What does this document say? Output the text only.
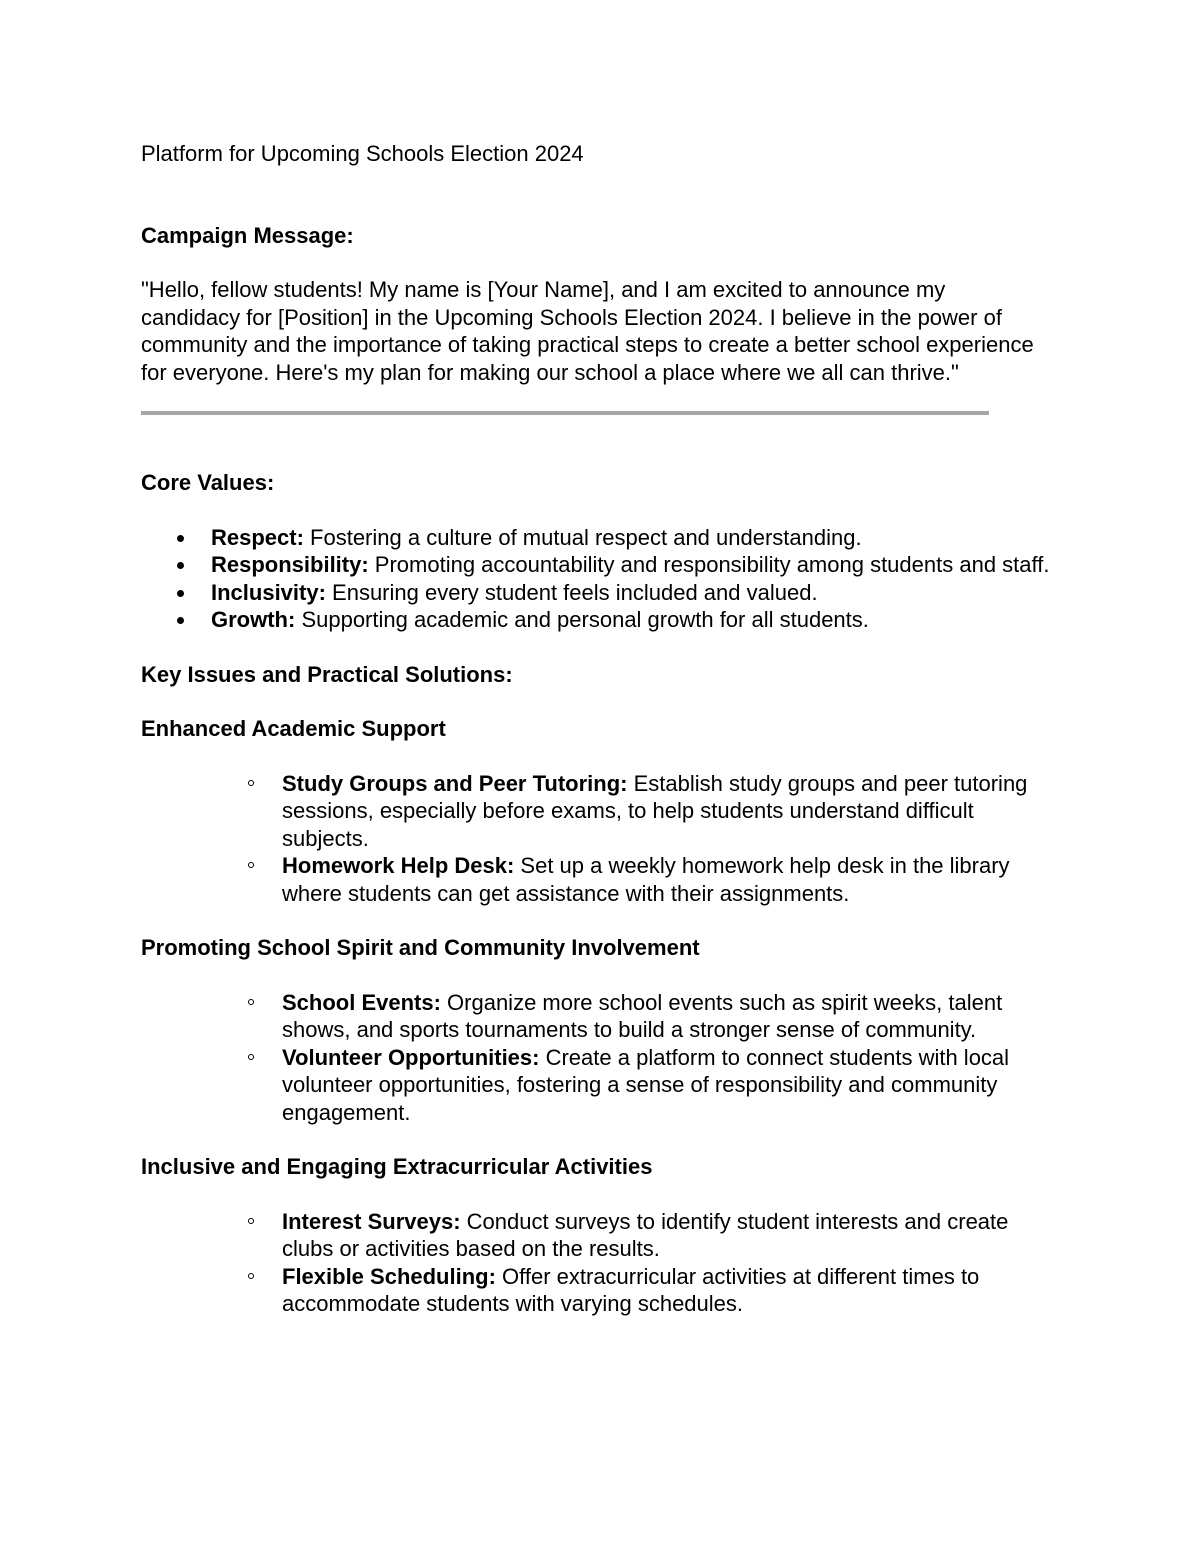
Platform for Upcoming Schools Election 2024

Campaign Message:

"Hello, fellow students! My name is [Your Name], and I am excited to announce my candidacy for [Position] in the Upcoming Schools Election 2024. I believe in the power of community and the importance of taking practical steps to create a better school experience for everyone. Here's my plan for making our school a place where we all can thrive."

Core Values:

Respect: Fostering a culture of mutual respect and understanding.
Responsibility: Promoting accountability and responsibility among students and staff.
Inclusivity: Ensuring every student feels included and valued.
Growth: Supporting academic and personal growth for all students.

Key Issues and Practical Solutions:

Enhanced Academic Support

Study Groups and Peer Tutoring: Establish study groups and peer tutoring sessions, especially before exams, to help students understand difficult subjects.
Homework Help Desk: Set up a weekly homework help desk in the library where students can get assistance with their assignments.

Promoting School Spirit and Community Involvement

School Events: Organize more school events such as spirit weeks, talent shows, and sports tournaments to build a stronger sense of community.
Volunteer Opportunities: Create a platform to connect students with local volunteer opportunities, fostering a sense of responsibility and community engagement.

Inclusive and Engaging Extracurricular Activities

Interest Surveys: Conduct surveys to identify student interests and create clubs or activities based on the results.
Flexible Scheduling: Offer extracurricular activities at different times to accommodate students with varying schedules.
